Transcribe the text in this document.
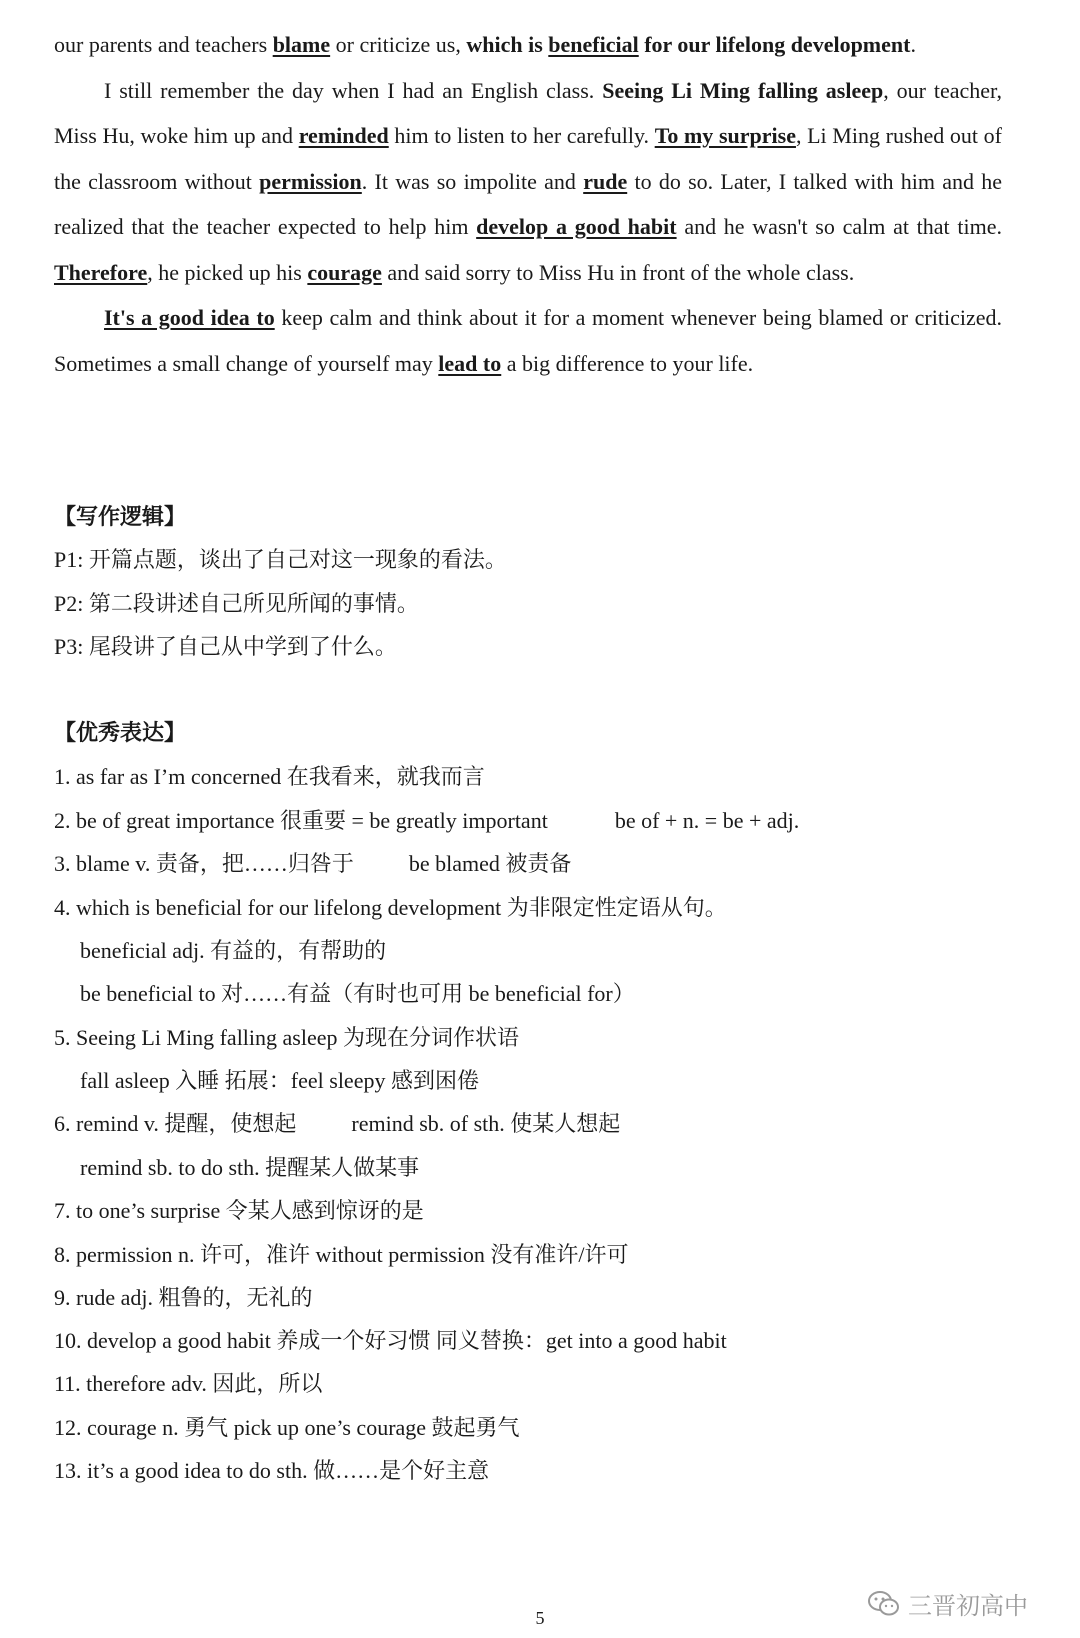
our parents and teachers blame or criticize us, which is beneficial for our lifelong development.

I still remember the day when I had an English class. Seeing Li Ming falling asleep, our teacher, Miss Hu, woke him up and reminded him to listen to her carefully. To my surprise, Li Ming rushed out of the classroom without permission. It was so impolite and rude to do so. Later, I talked with him and he realized that the teacher expected to help him develop a good habit and he wasn't so calm at that time. Therefore, he picked up his courage and said sorry to Miss Hu in front of the whole class.

It's a good idea to keep calm and think about it for a moment whenever being blamed or criticized. Sometimes a small change of yourself may lead to a big difference to your life.

【写作逻辑】
P1: 开篇点题，谈出了自己对这一现象的看法。
P2: 第二段讲述自己所见所闻的事情。
P3: 尾段讲了自己从中学到了什么。
【优秀表达】
1. as far as I’m concerned 在我看来，就我而言
2. be of great importance 很重要 = be greatly important	be of + n. = be + adj.
3. blame v. 责备，把……归咎于	be blamed 被责备
4. which is beneficial for our lifelong development 为非限定性定语从句。
beneficial adj. 有益的，有帮助的
be beneficial to 对……有益（有时也可用 be beneficial for）
5. Seeing Li Ming falling asleep 为现在分词作状语
fall asleep 入睡 拓展：feel sleepy 感到困倦
6. remind v. 提醒，使想起	remind sb. of sth. 使某人想起
remind sb. to do sth. 提醒某人做某事
7. to one’s surprise 令某人感到惊讶的是
8. permission n. 许可，准许 without permission 没有准许/许可
9. rude adj. 粗鲁的，无礼的
10. develop a good habit 养成一个好习惯 同义替换：get into a good habit
11. therefore adv. 因此，所以
12. courage n. 勇气 pick up one’s courage 鼓起勇气
13. it’s a good idea to do sth. 做……是个好主意
5	三晋初高中
